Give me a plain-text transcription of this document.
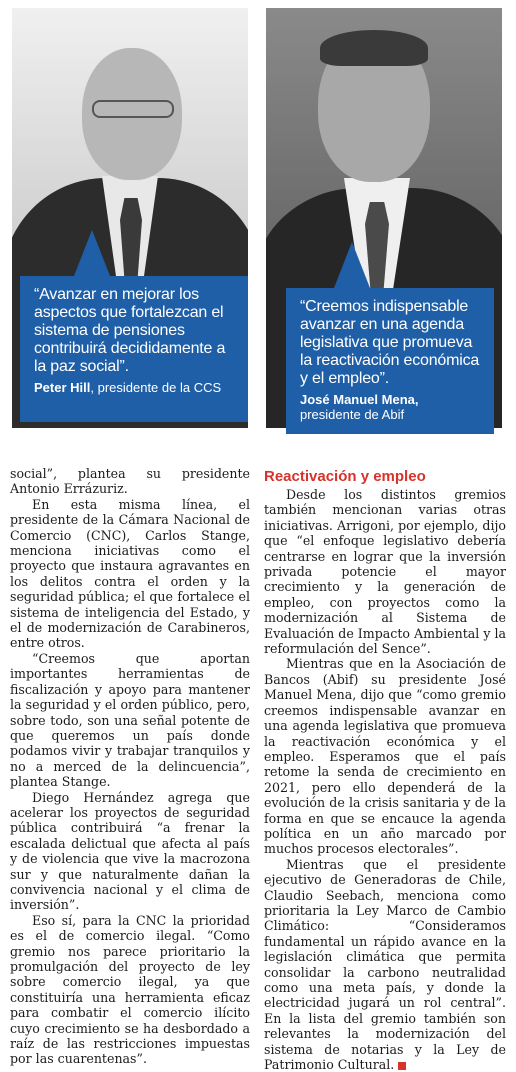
“Avanzar en mejorar los aspectos que fortalezcan el sistema de pensiones contribuirá decididamente a la paz social”.
Peter Hill, presidente de la CCS
“Creemos indispensable avanzar en una agenda legislativa que promueva la reactivación económica y el empleo”.
José Manuel Mena,
presidente de Abif

social”, plantea su presidente Antonio Errázuriz.

En esta misma línea, el presidente de la Cámara Nacional de Comercio (CNC), Carlos Stange, menciona iniciativas como el proyecto que instaura agravantes en los delitos contra el orden y la seguridad pública; el que fortalece el sistema de inteligencia del Estado, y el de modernización de Carabineros, entre otros.

“Creemos que aportan importantes herramientas de fiscalización y apoyo para mantener la seguridad y el orden público, pero, sobre todo, son una señal potente de que queremos un país donde podamos vivir y trabajar tranquilos y no a merced de la delincuencia”, plantea Stange.

Diego Hernández agrega que acelerar los proyectos de seguridad pública contribuirá “a frenar la escalada delictual que afecta al país y de violencia que vive la macrozona sur y que naturalmente dañan la convivencia nacional y el clima de inversión”.

Eso sí, para la CNC la prioridad es el de comercio ilegal. “Como gremio nos parece prioritario la promulgación del proyecto de ley sobre comercio ilegal, ya que constituiría una herramienta eficaz para combatir el comercio ilícito cuyo crecimiento se ha desbordado a raíz de las restricciones impuestas por las cuarentenas”.

Reactivación y empleo

Desde los distintos gremios también mencionan varias otras iniciativas. Arrigoni, por ejemplo, dijo que “el enfoque legislativo debería centrarse en lograr que la inversión privada potencie el mayor crecimiento y la generación de empleo, con proyectos como la modernización al Sistema de Evaluación de Impacto Ambiental y la reformulación del Sence”.

Mientras que en la Asociación de Bancos (Abif) su presidente José Manuel Mena, dijo que “como gremio creemos indispensable avanzar en una agenda legislativa que promueva la reactivación económica y el empleo. Esperamos que el país retome la senda de crecimiento en 2021, pero ello dependerá de la evolución de la crisis sanitaria y de la forma en que se encauce la agenda política en un año marcado por muchos procesos electorales”.

Mientras que el presidente ejecutivo de Generadoras de Chile, Claudio Seebach, menciona como prioritaria la Ley Marco de Cambio Climático: “Consideramos fundamental un rápido avance en la legislación climática que permita consolidar la carbono neutralidad como una meta país, y donde la electricidad jugará un rol central”. En la lista del gremio también son relevantes la modernización del sistema de notarias y la Ley de Patrimonio Cultural.
